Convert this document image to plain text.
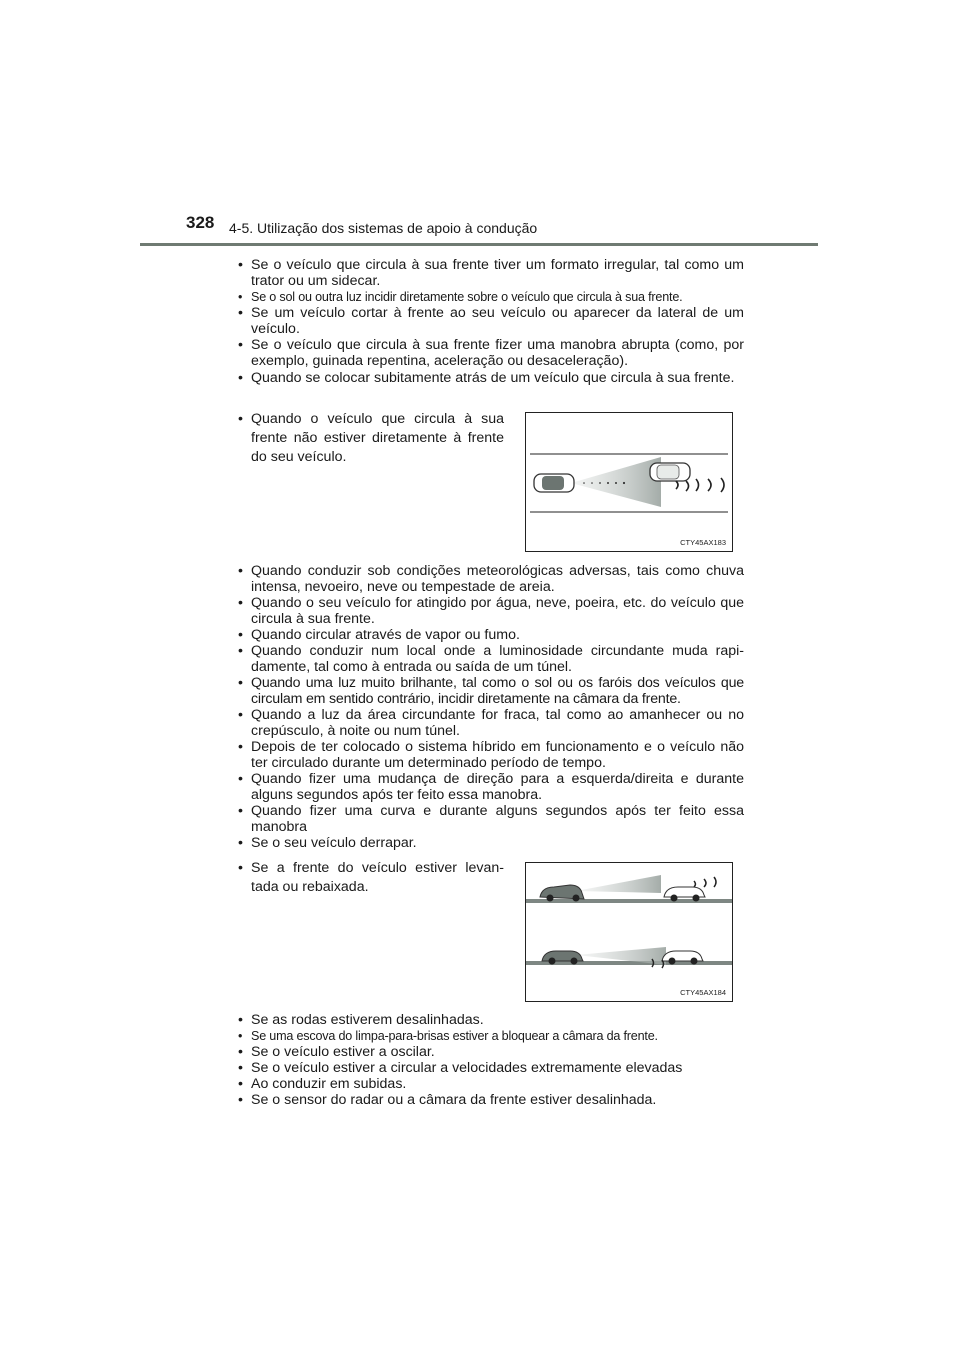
328 4-5. Utilização dos sistemas de apoio à condução
• Se o veículo que circula à sua frente tiver um formato irregular, tal como um trator ou um sidecar.
• Se o sol ou outra luz incidir diretamente sobre o veículo que circula à sua frente.
• Se um veículo cortar à frente ao seu veículo ou aparecer da lateral de um veículo.
• Se o veículo que circula à sua frente fizer uma manobra abrupta (como, por exemplo, guinada repentina, aceleração ou desaceleração).
• Quando se colocar subitamente atrás de um veículo que circula à sua frente.
• Quando o veículo que circula à sua frente não estiver diretamente à frente do seu veículo.
CTY45AX183
• Quando conduzir sob condições meteorológicas adversas, tais como chuva intensa, nevoeiro, neve ou tempestade de areia.
• Quando o seu veículo for atingido por água, neve, poeira, etc. do veículo que circula à sua frente.
• Quando circular através de vapor ou fumo.
• Quando conduzir num local onde a luminosidade circundante muda rapi-damente, tal como à entrada ou saída de um túnel.
• Quando uma luz muito brilhante, tal como o sol ou os faróis dos veículos que circulam em sentido contrário, incidir diretamente na câmara da frente.
• Quando a luz da área circundante for fraca, tal como ao amanhecer ou no crepúsculo, à noite ou num túnel.
• Depois de ter colocado o sistema híbrido em funcionamento e o veículo não ter circulado durante um determinado período de tempo.
• Quando fizer uma mudança de direção para a esquerda/direita e durante alguns segundos após ter feito essa manobra.
• Quando fizer uma curva e durante alguns segundos após ter feito essa manobra
• Se o seu veículo derrapar.
• Se a frente do veículo estiver levan-tada ou rebaixada.
CTY45AX184
• Se as rodas estiverem desalinhadas.
• Se uma escova do limpa-para-brisas estiver a bloquear a câmara da frente.
• Se o veículo estiver a oscilar.
• Se o veículo estiver a circular a velocidades extremamente elevadas
• Ao conduzir em subidas.
• Se o sensor do radar ou a câmara da frente estiver desalinhada.
